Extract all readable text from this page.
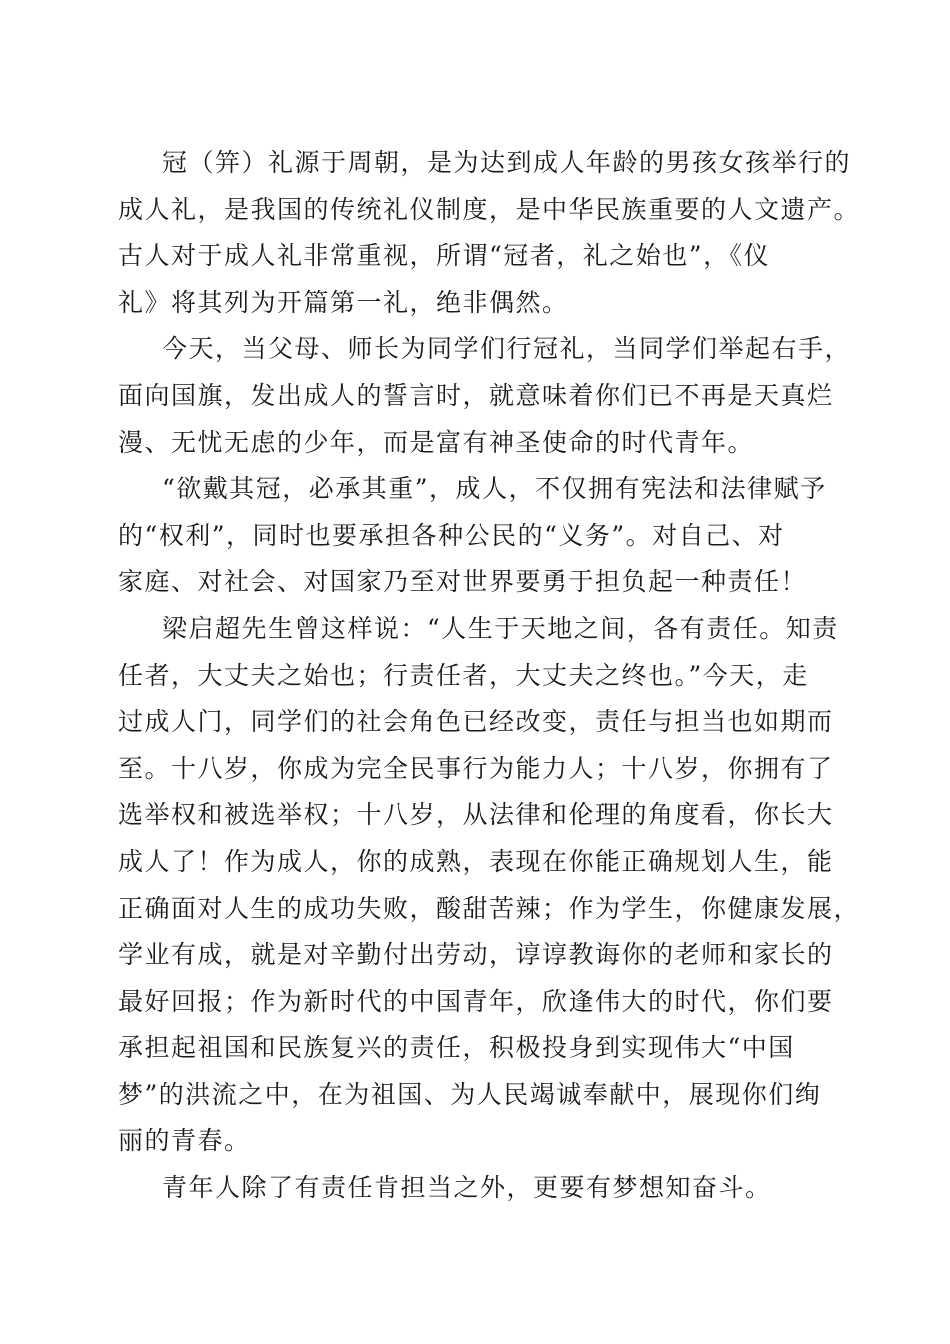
冠（笄）礼源于周朝，是为达到成人年龄的男孩女孩举行的
成人礼，是我国的传统礼仪制度，是中华民族重要的人文遗产。
古人对于成人礼非常重视，所谓“冠者，礼之始也”，《仪
礼》将其列为开篇第一礼，绝非偶然。

今天，当父母、师长为同学们行冠礼，当同学们举起右手，
面向国旗，发出成人的誓言时，就意味着你们已不再是天真烂
漫、无忧无虑的少年，而是富有神圣使命的时代青年。

“欲戴其冠，必承其重”，成人，不仅拥有宪法和法律赋予
的“权利”，同时也要承担各种公民的“义务”。对自己、对
家庭、对社会、对国家乃至对世界要勇于担负起一种责任！

梁启超先生曾这样说：“人生于天地之间，各有责任。知责
任者，大丈夫之始也；行责任者，大丈夫之终也。”今天，走
过成人门，同学们的社会角色已经改变，责任与担当也如期而
至。十八岁，你成为完全民事行为能力人；十八岁，你拥有了
选举权和被选举权；十八岁，从法律和伦理的角度看，你长大
成人了！作为成人，你的成熟，表现在你能正确规划人生，能
正确面对人生的成功失败，酸甜苦辣；作为学生，你健康发展，
学业有成，就是对辛勤付出劳动，谆谆教诲你的老师和家长的
最好回报；作为新时代的中国青年，欣逢伟大的时代，你们要
承担起祖国和民族复兴的责任，积极投身到实现伟大“中国
梦”的洪流之中，在为祖国、为人民竭诚奉献中，展现你们绚
丽的青春。

青年人除了有责任肯担当之外，更要有梦想知奋斗。
